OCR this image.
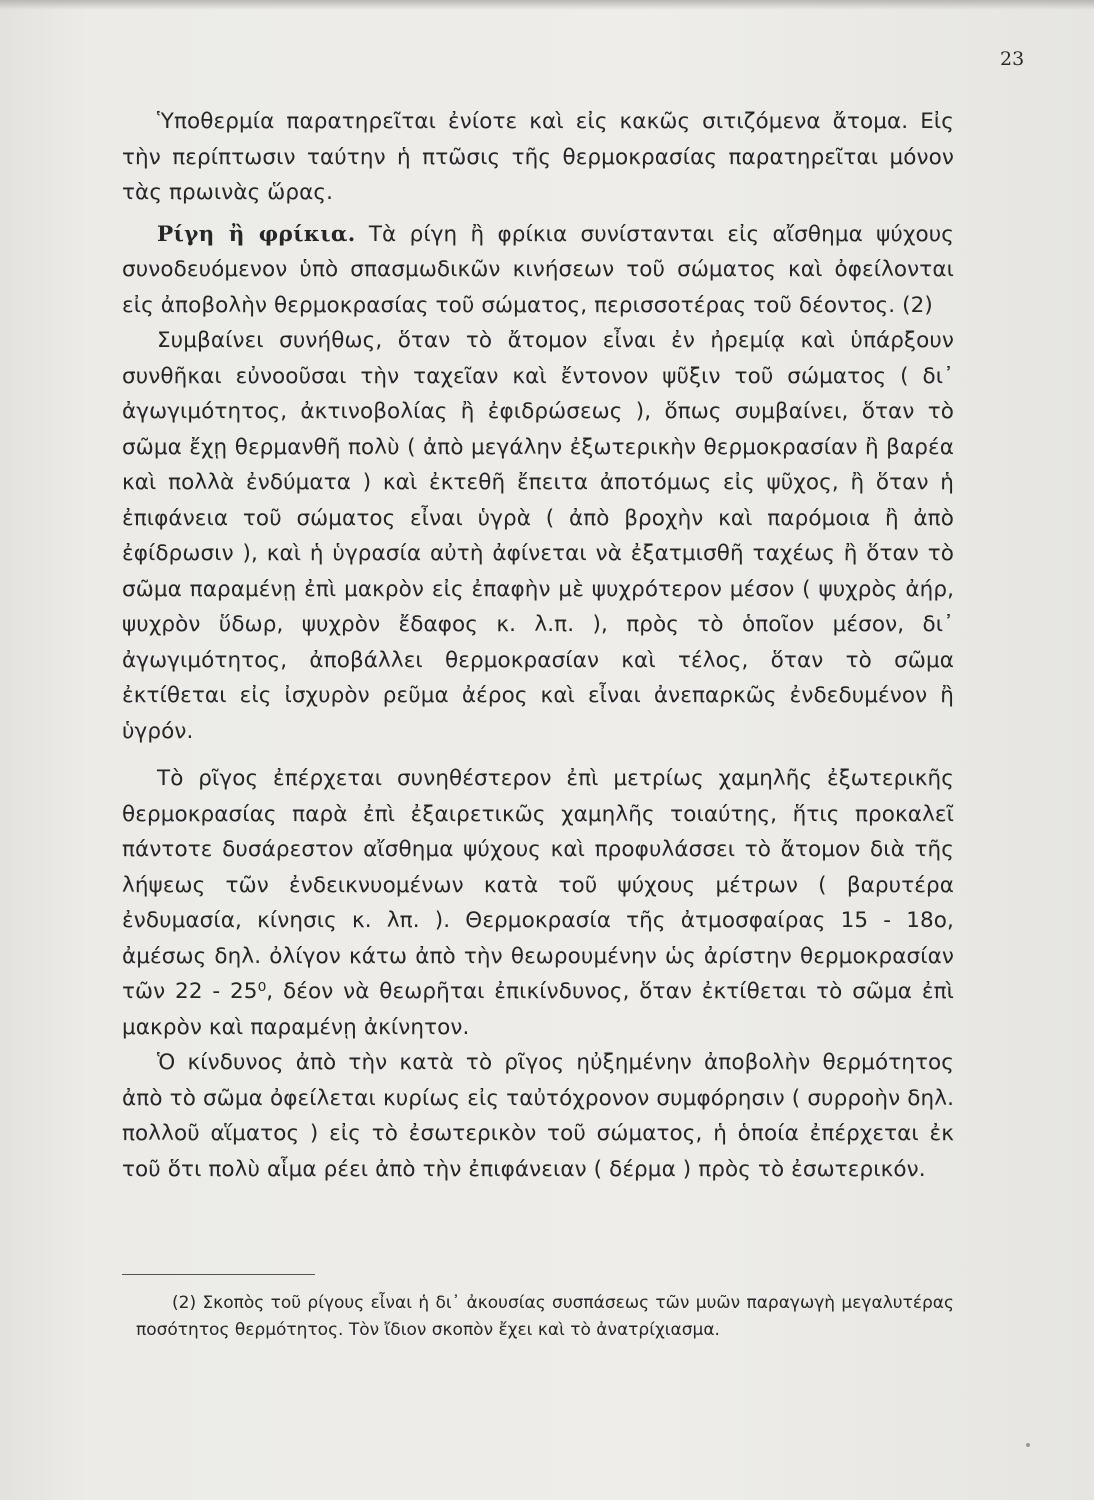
23

Ὑποθερμία παρατηρεῖται ἐνίοτε καὶ εἰς κακῶς σιτιζόμενα ἄτομα. Εἰς τὴν περίπτωσιν ταύτην ἡ πτῶσις τῆς θερμοκρασίας παρατηρεῖται μόνον τὰς πρωινὰς ὥρας.

Ρίγη ἢ φρίκια. Τὰ ρίγη ἢ φρίκια συνίστανται εἰς αἴσθημα ψύχους συνοδευόμενον ὑπὸ σπασμωδικῶν κινήσεων τοῦ σώματος καὶ ὀφείλονται εἰς ἀποβολὴν θερμοκρασίας τοῦ σώματος, περισσοτέρας τοῦ δέοντος. (2)

Συμβαίνει συνήθως, ὅταν τὸ ἄτομον εἶναι ἐν ἠρεμίᾳ καὶ ὑπάρξουν συνθῆκαι εὐνοοῦσαι τὴν ταχεῖαν καὶ ἔντονον ψῦξιν τοῦ σώματος ( δι᾽ ἀγωγιμότητος, ἀκτινοβολίας ἢ ἐφιδρώσεως ), ὅπως συμβαίνει, ὅταν τὸ σῶμα ἔχῃ θερμανθῆ πολὺ ( ἀπὸ μεγάλην ἐξωτερικὴν θερμοκρασίαν ἢ βαρέα καὶ πολλὰ ἐνδύματα ) καὶ ἐκτεθῆ ἔπειτα ἀποτόμως εἰς ψῦχος, ἢ ὅταν ἡ ἐπιφάνεια τοῦ σώματος εἶναι ὑγρὰ ( ἀπὸ βροχὴν καὶ παρόμοια ἢ ἀπὸ ἐφίδρωσιν ), καὶ ἡ ὑγρασία αὐτὴ ἀφίνεται νὰ ἐξατμισθῆ ταχέως ἢ ὅταν τὸ σῶμα παραμένῃ ἐπὶ μακρὸν εἰς ἐπαφὴν μὲ ψυχρότερον μέσον ( ψυχρὸς ἀήρ, ψυχρὸν ὕδωρ, ψυχρὸν ἔδαφος κ. λ.π. ), πρὸς τὸ ὁποῖον μέσον, δι᾽ ἀγωγιμότητος, ἀποβάλλει θερμοκρασίαν καὶ τέλος, ὅταν τὸ σῶμα ἐκτίθεται εἰς ἰσχυρὸν ρεῦμα ἀέρος καὶ εἶναι ἀνεπαρκῶς ἐνδεδυμένον ἢ ὑγρόν.

Τὸ ρῖγος ἐπέρχεται συνηθέστερον ἐπὶ μετρίως χαμηλῆς ἐξωτερικῆς θερμοκρασίας παρὰ ἐπὶ ἐξαιρετικῶς χαμηλῆς τοιαύτης, ἥτις προκαλεῖ πάντοτε δυσάρεστον αἴσθημα ψύχους καὶ προφυλάσσει τὸ ἄτομον διὰ τῆς λήψεως τῶν ἐνδεικνυομένων κατὰ τοῦ ψύχους μέτρων ( βαρυτέρα ἐνδυμασία, κίνησις κ. λπ. ). Θερμοκρασία τῆς ἀτμοσφαίρας 15 - 18ο, ἀμέσως δηλ. ὀλίγον κάτω ἀπὸ τὴν θεωρουμένην ὡς ἀρίστην θερμοκρασίαν τῶν 22 - 25⁰, δέον νὰ θεωρῆται ἐπικίνδυνος, ὅταν ἐκτίθεται τὸ σῶμα ἐπὶ μακρὸν καὶ παραμένῃ ἀκίνητον.

Ὁ κίνδυνος ἀπὸ τὴν κατὰ τὸ ρῖγος ηὐξημένην ἀποβολὴν θερμότητος ἀπὸ τὸ σῶμα ὀφείλεται κυρίως εἰς ταὐτόχρονον συμφόρησιν ( συρροὴν δηλ. πολλοῦ αἵματος ) εἰς τὸ ἐσωτερικὸν τοῦ σώματος, ἡ ὁποία ἐπέρχεται ἐκ τοῦ ὅτι πολὺ αἷμα ρέει ἀπὸ τὴν ἐπιφάνειαν ( δέρμα ) πρὸς τὸ ἐσωτερικόν.

(2) Σκοπὸς τοῦ ρίγους εἶναι ἡ δι᾽ ἀκουσίας συσπάσεως τῶν μυῶν παραγωγὴ μεγαλυτέρας ποσότητος θερμότητος. Τὸν ἴδιον σκοπὸν ἔχει καὶ τὸ ἀνατρίχιασμα.
